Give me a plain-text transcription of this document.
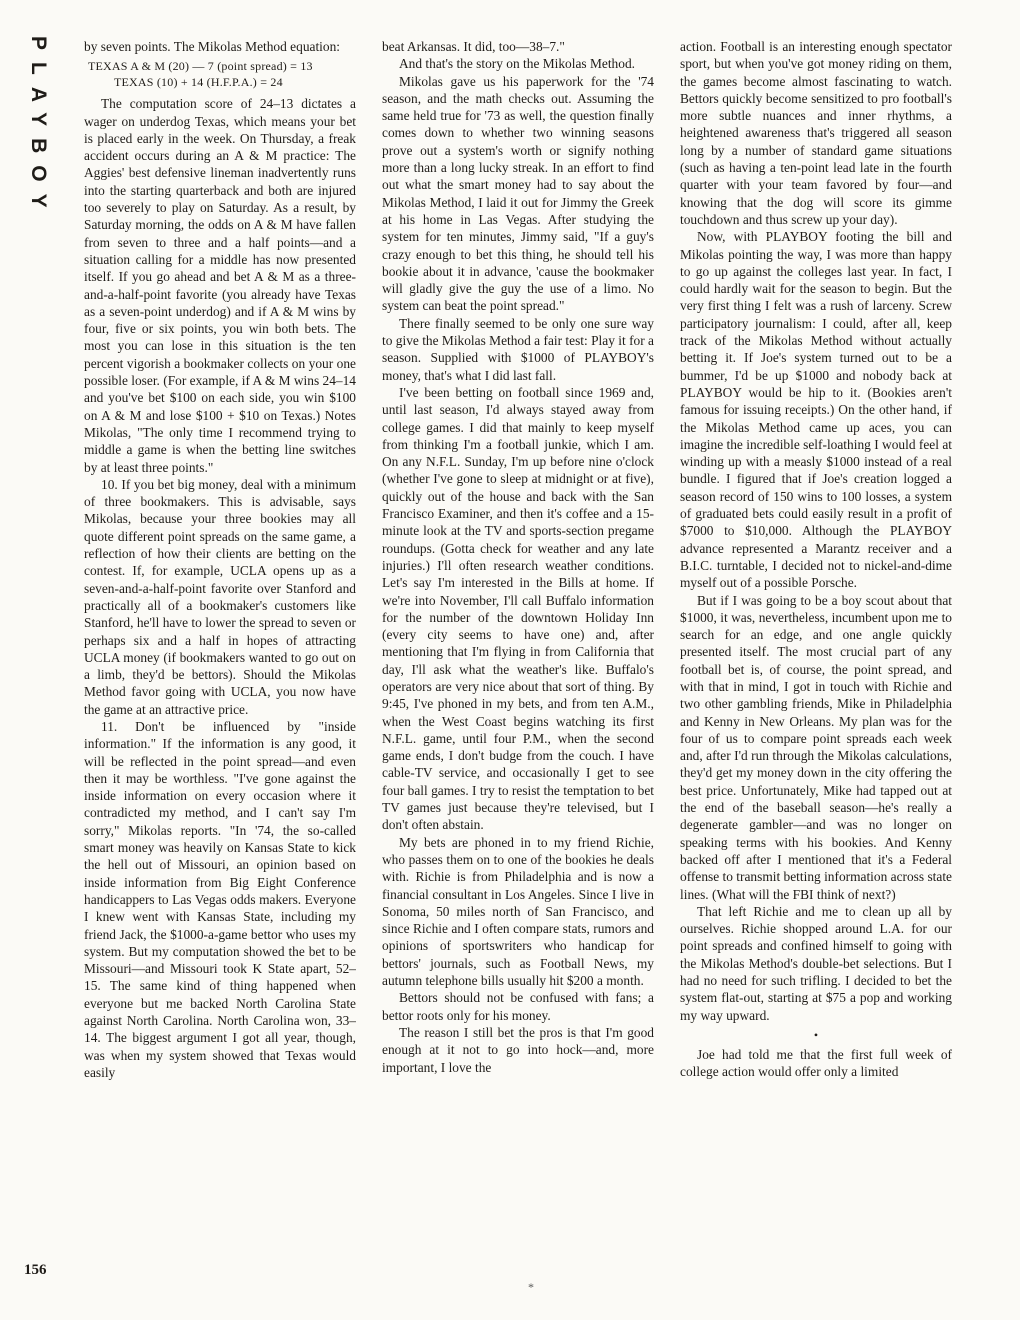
PLAYBOY	by seven points. The Mikolas Method equation:

TEXAS A & M (20) — 7 (point spread) = 13
TEXAS (10) + 14 (H.F.P.A.) = 24

The computation score of 24–13 dictates a wager on underdog Texas, which means your bet is placed early in the week. On Thursday, a freak accident occurs during an A & M practice: The Aggies' best defensive lineman inadvertently runs into the starting quarterback and both are injured too severely to play on Saturday. As a result, by Saturday morning, the odds on A & M have fallen from seven to three and a half points—and a situation calling for a middle has now presented itself. If you go ahead and bet A & M as a three-and-a-half-point favorite (you already have Texas as a seven-point underdog) and if A & M wins by four, five or six points, you win both bets. The most you can lose in this situation is the ten percent vigorish a bookmaker collects on your one possible loser. (For example, if A & M wins 24–14 and you've bet $100 on each side, you win $100 on A & M and lose $100 + $10 on Texas.) Notes Mikolas, "The only time I recommend trying to middle a game is when the betting line switches by at least three points."

10. If you bet big money, deal with a minimum of three bookmakers. This is advisable, says Mikolas, because your three bookies may all quote different point spreads on the same game, a reflection of how their clients are betting on the contest. If, for example, UCLA opens up as a seven-and-a-half-point favorite over Stanford and practically all of a bookmaker's customers like Stanford, he'll have to lower the spread to seven or perhaps six and a half in hopes of attracting UCLA money (if bookmakers wanted to go out on a limb, they'd be bettors). Should the Mikolas Method favor going with UCLA, you now have the game at an attractive price.

11. Don't be influenced by "inside information." If the information is any good, it will be reflected in the point spread—and even then it may be worthless. "I've gone against the inside information on every occasion where it contradicted my method, and I can't say I'm sorry," Mikolas reports. "In '74, the so-called smart money was heavily on Kansas State to kick the hell out of Missouri, an opinion based on inside information from Big Eight Conference handicappers to Las Vegas odds makers. Everyone I knew went with Kansas State, including my friend Jack, the $1000-a-game bettor who uses my system. But my computation showed the bet to be Missouri—and Missouri took K State apart, 52–15. The same kind of thing happened when everyone but me backed North Carolina State against North Carolina. North Carolina won, 33–14. The biggest argument I got all year, though, was when my system showed that Texas would easily

beat Arkansas. It did, too—38–7."

And that's the story on the Mikolas Method.

Mikolas gave us his paperwork for the '74 season, and the math checks out. Assuming the same held true for '73 as well, the question finally comes down to whether two winning seasons prove out a system's worth or signify nothing more than a long lucky streak. In an effort to find out what the smart money had to say about the Mikolas Method, I laid it out for Jimmy the Greek at his home in Las Vegas. After studying the system for ten minutes, Jimmy said, "If a guy's crazy enough to bet this thing, he should tell his bookie about it in advance, 'cause the bookmaker will gladly give the guy the use of a limo. No system can beat the point spread."

There finally seemed to be only one sure way to give the Mikolas Method a fair test: Play it for a season. Supplied with $1000 of PLAYBOY's money, that's what I did last fall.

I've been betting on football since 1969 and, until last season, I'd always stayed away from college games. I did that mainly to keep myself from thinking I'm a football junkie, which I am. On any N.F.L. Sunday, I'm up before nine o'clock (whether I've gone to sleep at midnight or at five), quickly out of the house and back with the San Francisco Examiner, and then it's coffee and a 15-minute look at the TV and sports-section pregame roundups. (Gotta check for weather and any late injuries.) I'll often research weather conditions. Let's say I'm interested in the Bills at home. If we're into November, I'll call Buffalo information for the number of the downtown Holiday Inn (every city seems to have one) and, after mentioning that I'm flying in from California that day, I'll ask what the weather's like. Buffalo's operators are very nice about that sort of thing. By 9:45, I've phoned in my bets, and from ten A.M., when the West Coast begins watching its first N.F.L. game, until four P.M., when the second game ends, I don't budge from the couch. I have cable-TV service, and occasionally I get to see four ball games. I try to resist the temptation to bet TV games just because they're televised, but I don't often abstain.

My bets are phoned in to my friend Richie, who passes them on to one of the bookies he deals with. Richie is from Philadelphia and is now a financial consultant in Los Angeles. Since I live in Sonoma, 50 miles north of San Francisco, and since Richie and I often compare stats, rumors and opinions of sportswriters who handicap for bettors' journals, such as Football News, my autumn telephone bills usually hit $200 a month.

Bettors should not be confused with fans; a bettor roots only for his money.

The reason I still bet the pros is that I'm good enough at it not to go into hock—and, more important, I love the

action. Football is an interesting enough spectator sport, but when you've got money riding on them, the games become almost fascinating to watch. Bettors quickly become sensitized to pro football's more subtle nuances and inner rhythms, a heightened awareness that's triggered all season long by a number of standard game situations (such as having a ten-point lead late in the fourth quarter with your team favored by four—and knowing that the dog will score its gimme touchdown and thus screw up your day).

Now, with PLAYBOY footing the bill and Mikolas pointing the way, I was more than happy to go up against the colleges last year. In fact, I could hardly wait for the season to begin. But the very first thing I felt was a rush of larceny. Screw participatory journalism: I could, after all, keep track of the Mikolas Method without actually betting it. If Joe's system turned out to be a bummer, I'd be up $1000 and nobody back at PLAYBOY would be hip to it. (Bookies aren't famous for issuing receipts.) On the other hand, if the Mikolas Method came up aces, you can imagine the incredible self-loathing I would feel at winding up with a measly $1000 instead of a real bundle. I figured that if Joe's creation logged a season record of 150 wins to 100 losses, a system of graduated bets could easily result in a profit of $7000 to $10,000. Although the PLAYBOY advance represented a Marantz receiver and a B.I.C. turntable, I decided not to nickel-and-dime myself out of a possible Porsche.

But if I was going to be a boy scout about that $1000, it was, nevertheless, incumbent upon me to search for an edge, and one angle quickly presented itself. The most crucial part of any football bet is, of course, the point spread, and with that in mind, I got in touch with Richie and two other gambling friends, Mike in Philadelphia and Kenny in New Orleans. My plan was for the four of us to compare point spreads each week and, after I'd run through the Mikolas calculations, they'd get my money down in the city offering the best price. Unfortunately, Mike had tapped out at the end of the baseball season—he's really a degenerate gambler—and was no longer on speaking terms with his bookies. And Kenny backed off after I mentioned that it's a Federal offense to transmit betting information across state lines. (What will the FBI think of next?)

That left Richie and me to clean up all by ourselves. Richie shopped around L.A. for our point spreads and confined himself to going with the Mikolas Method's double-bet selections. But I had no need for such trifling. I decided to bet the system flat-out, starting at $75 a pop and working my way upward.

•

Joe had told me that the first full week of college action would offer only a limited

156
*
